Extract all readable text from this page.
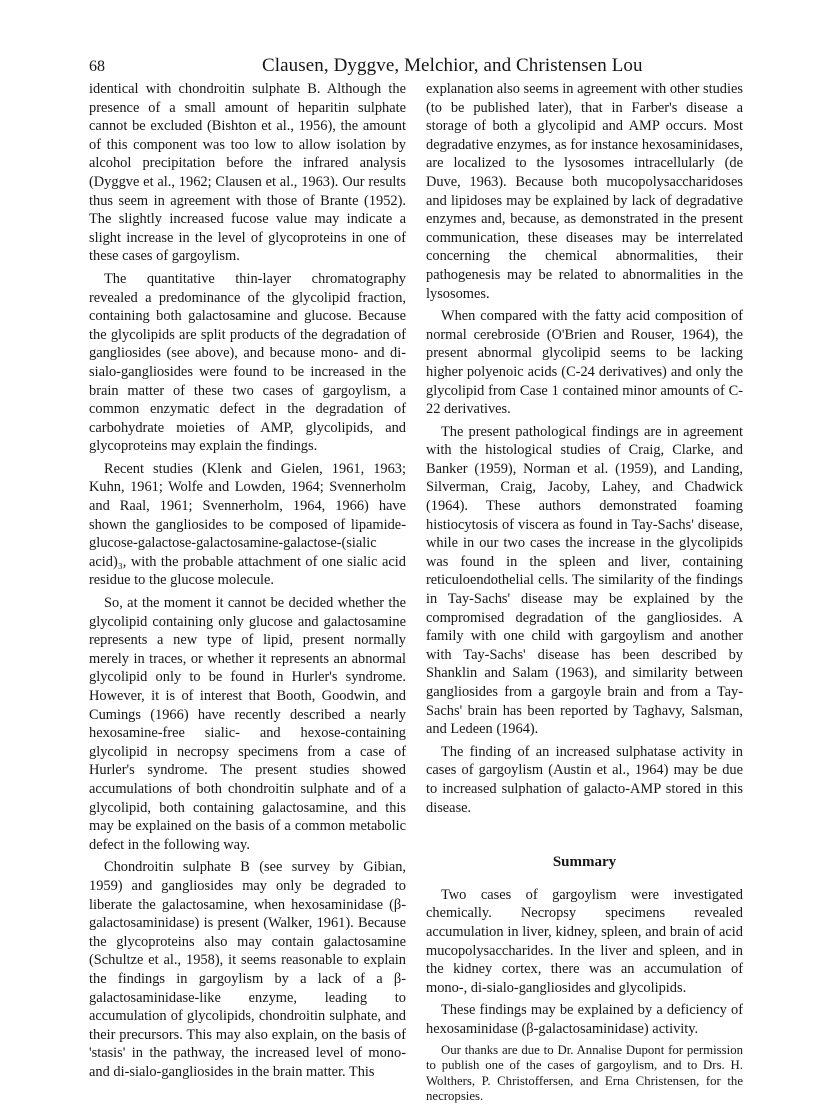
68	Clausen, Dyggve, Melchior, and Christensen Lou

identical with chondroitin sulphate B. Although the presence of a small amount of heparitin sulphate cannot be excluded (Bishton et al., 1956), the amount of this component was too low to allow isolation by alcohol precipitation before the infrared analysis (Dyggve et al., 1962; Clausen et al., 1963). Our results thus seem in agreement with those of Brante (1952). The slightly increased fucose value may indicate a slight increase in the level of glycoproteins in one of these cases of gargoylism.

The quantitative thin-layer chromatography revealed a predominance of the glycolipid fraction, containing both galactosamine and glucose. Because the glycolipids are split products of the degradation of gangliosides (see above), and because mono- and di-sialo-gangliosides were found to be increased in the brain matter of these two cases of gargoylism, a common enzymatic defect in the degradation of carbohydrate moieties of AMP, glycolipids, and glycoproteins may explain the findings.

Recent studies (Klenk and Gielen, 1961, 1963; Kuhn, 1961; Wolfe and Lowden, 1964; Svennerholm and Raal, 1961; Svennerholm, 1964, 1966) have shown the gangliosides to be composed of lipamide-glucose-galactose-galactosamine-galactose-(sialic acid)₃, with the probable attachment of one sialic acid residue to the glucose molecule.

So, at the moment it cannot be decided whether the glycolipid containing only glucose and galactosamine represents a new type of lipid, present normally merely in traces, or whether it represents an abnormal glycolipid only to be found in Hurler's syndrome. However, it is of interest that Booth, Goodwin, and Cumings (1966) have recently described a nearly hexosamine-free sialic- and hexose-containing glycolipid in necropsy specimens from a case of Hurler's syndrome. The present studies showed accumulations of both chondroitin sulphate and of a glycolipid, both containing galactosamine, and this may be explained on the basis of a common metabolic defect in the following way.

Chondroitin sulphate B (see survey by Gibian, 1959) and gangliosides may only be degraded to liberate the galactosamine, when hexosaminidase (β-galactosaminidase) is present (Walker, 1961). Because the glycoproteins also may contain galactosamine (Schultze et al., 1958), it seems reasonable to explain the findings in gargoylism by a lack of a β-galactosaminidase-like enzyme, leading to accumulation of glycolipids, chondroitin sulphate, and their precursors. This may also explain, on the basis of 'stasis' in the pathway, the increased level of mono- and di-sialo-gangliosides in the brain matter. This

explanation also seems in agreement with other studies (to be published later), that in Farber's disease a storage of both a glycolipid and AMP occurs. Most degradative enzymes, as for instance hexosaminidases, are localized to the lysosomes intracellularly (de Duve, 1963). Because both mucopolysaccharidoses and lipidoses may be explained by lack of degradative enzymes and, because, as demonstrated in the present communication, these diseases may be interrelated concerning the chemical abnormalities, their pathogenesis may be related to abnormalities in the lysosomes.

When compared with the fatty acid composition of normal cerebroside (O'Brien and Rouser, 1964), the present abnormal glycolipid seems to be lacking higher polyenoic acids (C-24 derivatives) and only the glycolipid from Case 1 contained minor amounts of C-22 derivatives.

The present pathological findings are in agreement with the histological studies of Craig, Clarke, and Banker (1959), Norman et al. (1959), and Landing, Silverman, Craig, Jacoby, Lahey, and Chadwick (1964). These authors demonstrated foaming histiocytosis of viscera as found in Tay-Sachs' disease, while in our two cases the increase in the glycolipids was found in the spleen and liver, containing reticuloendothelial cells. The similarity of the findings in Tay-Sachs' disease may be explained by the compromised degradation of the gangliosides. A family with one child with gargoylism and another with Tay-Sachs' disease has been described by Shanklin and Salam (1963), and similarity between gangliosides from a gargoyle brain and from a Tay-Sachs' brain has been reported by Taghavy, Salsman, and Ledeen (1964).

The finding of an increased sulphatase activity in cases of gargoylism (Austin et al., 1964) may be due to increased sulphation of galacto-AMP stored in this disease.

Summary

Two cases of gargoylism were investigated chemically. Necropsy specimens revealed accumulation in liver, kidney, spleen, and brain of acid mucopolysaccharides. In the liver and spleen, and in the kidney cortex, there was an accumulation of mono-, di-sialo-gangliosides and glycolipids.

These findings may be explained by a deficiency of hexosaminidase (β-galactosaminidase) activity.

Our thanks are due to Dr. Annalise Dupont for permission to publish one of the cases of gargoylism, and to Drs. H. Wolthers, P. Christoffersen, and Erna Christensen, for the necropsies.
